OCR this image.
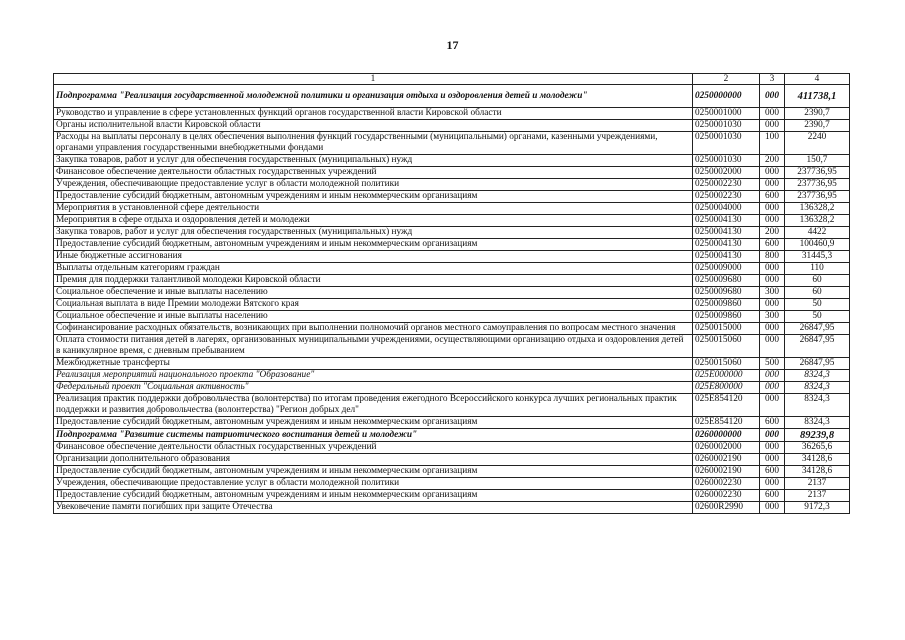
17
1	2	3	4
Подпрограмма "Реализация государственной молодежной политики и организация отдыха и оздоровления детей и молодежи"	0250000000	000	411738,1
Руководство и управление в сфере установленных функций органов государственной власти Кировской области	0250001000	000	2390,7
Органы исполнительной власти Кировской области	0250001030	000	2390,7
Расходы на выплаты персоналу в целях обеспечения выполнения функций государственными (муниципальными) органами, казенными учреждениями, органами управления государственными внебюджетными фондами	0250001030	100	2240
Закупка товаров, работ и услуг для обеспечения государственных (муниципальных) нужд	0250001030	200	150,7
Финансовое обеспечение деятельности областных государственных учреждений	0250002000	000	237736,95
Учреждения, обеспечивающие предоставление услуг в области молодежной политики	0250002230	000	237736,95
Предоставление субсидий бюджетным, автономным учреждениям и иным некоммерческим организациям	0250002230	600	237736,95
Мероприятия в установленной сфере деятельности	0250004000	000	136328,2
Мероприятия в сфере отдыха и оздоровления детей и молодежи	0250004130	000	136328,2
Закупка товаров, работ и услуг для обеспечения государственных (муниципальных) нужд	0250004130	200	4422
Предоставление субсидий бюджетным, автономным учреждениям и иным некоммерческим организациям	0250004130	600	100460,9
Иные бюджетные ассигнования	0250004130	800	31445,3
Выплаты отдельным категориям граждан	0250009000	000	110
Премия для поддержки талантливой молодежи Кировской области	0250009680	000	60
Социальное обеспечение и иные выплаты населению	0250009680	300	60
Социальная выплата в виде Премии молодежи Вятского края	0250009860	000	50
Социальное обеспечение и иные выплаты населению	0250009860	300	50
Софинансирование расходных обязательств, возникающих при выполнении полномочий органов местного самоуправления по вопросам местного значения	0250015000	000	26847,95
Оплата стоимости питания детей в лагерях, организованных муниципальными учреждениями, осуществляющими организацию отдыха и оздоровления детей в каникулярное время, с дневным пребыванием	0250015060	000	26847,95
Межбюджетные трансферты	0250015060	500	26847,95
Реализация мероприятий национального проекта "Образование"	025E000000	000	8324,3
Федеральный проект "Социальная активность"	025E800000	000	8324,3
Реализация практик поддержки добровольчества (волонтерства) по итогам проведения ежегодного Всероссийского конкурса лучших региональных практик поддержки и развития добровольчества (волонтерства) "Регион добрых дел"	025E854120	000	8324,3
Предоставление субсидий бюджетным, автономным учреждениям и иным некоммерческим организациям	025E854120	600	8324,3
Подпрограмма "Развитие системы патриотического воспитания детей и молодежи"	0260000000	000	89239,8
Финансовое обеспечение деятельности областных государственных учреждений	0260002000	000	36265,6
Организации дополнительного образования	0260002190	000	34128,6
Предоставление субсидий бюджетным, автономным учреждениям и иным некоммерческим организациям	0260002190	600	34128,6
Учреждения, обеспечивающие предоставление услуг в области молодежной политики	0260002230	000	2137
Предоставление субсидий бюджетным, автономным учреждениям и иным некоммерческим организациям	0260002230	600	2137
Увековечение памяти погибших при защите Отечества	02600R2990	000	9172,3
